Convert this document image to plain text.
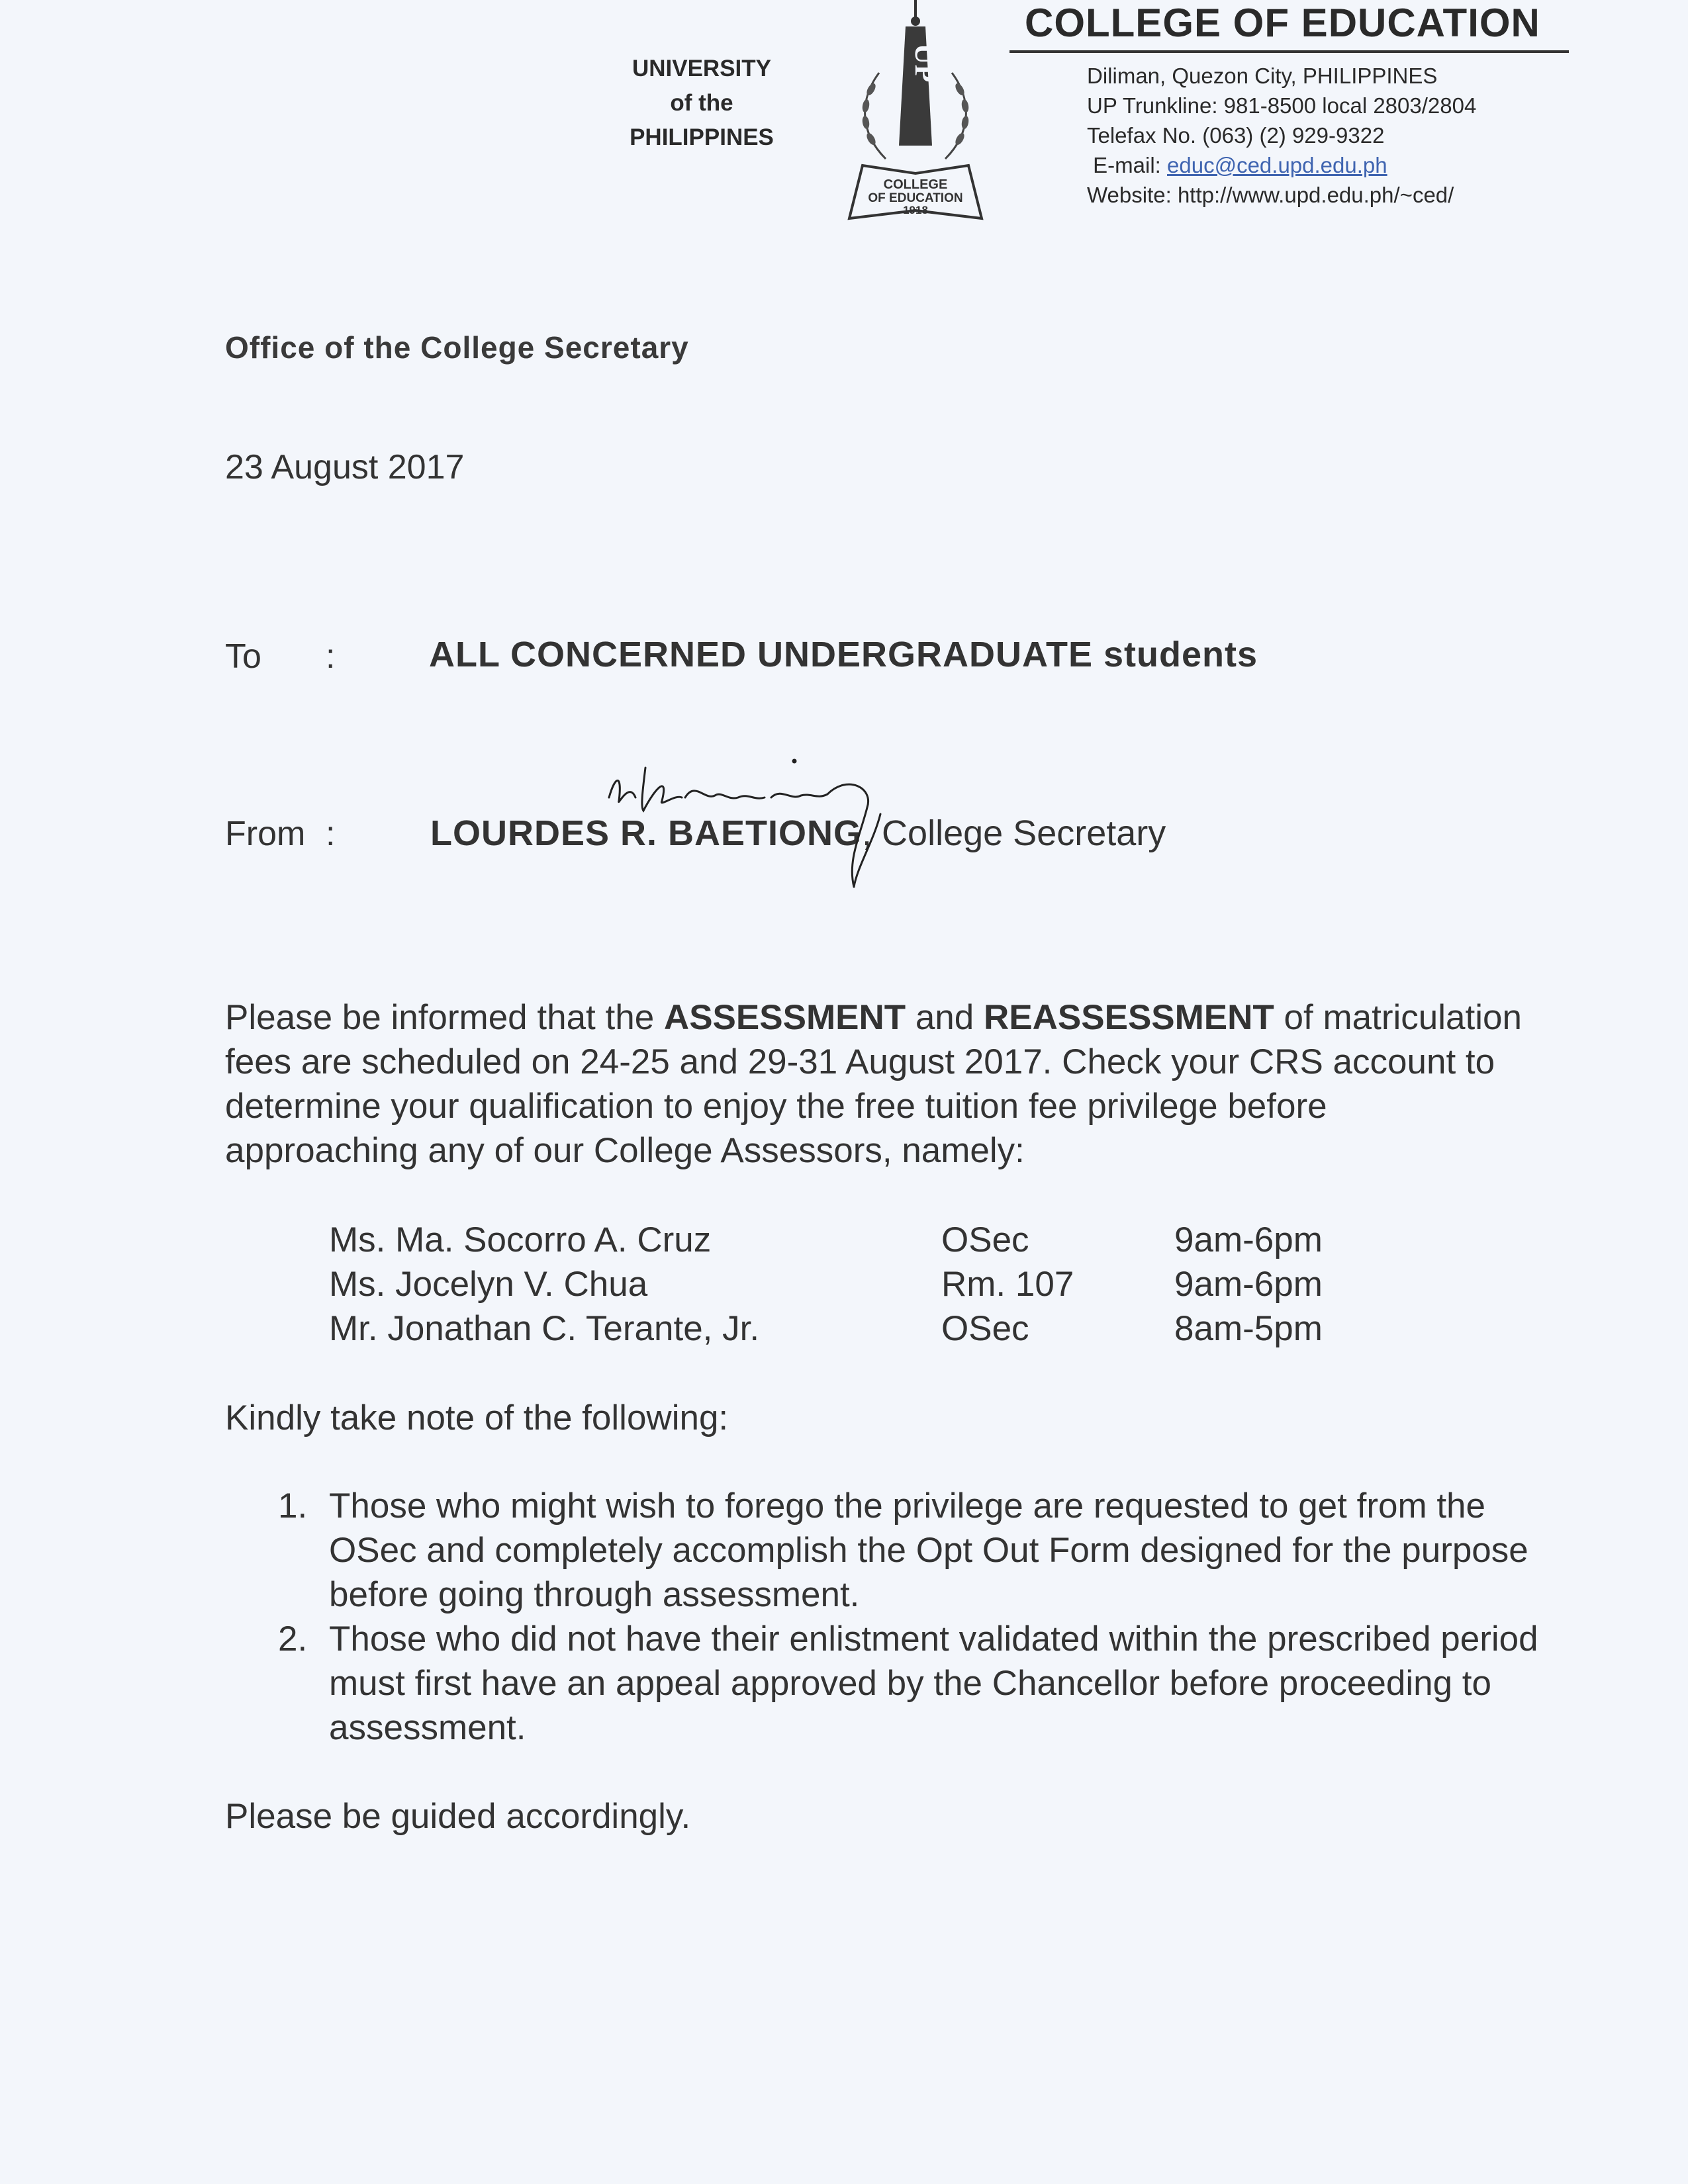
UNIVERSITY
of the
PHILIPPINES
UP
COLLEGE
OF EDUCATION
1918
COLLEGE OF EDUCATION
Diliman, Quezon City, PHILIPPINES
UP Trunkline: 981-8500 local 2803/2804
Telefax No. (063) (2) 929-9322
E-mail: educ@ced.upd.edu.ph
Website: http://www.upd.edu.ph/~ced/
Office of the College Secretary
23 August 2017
To :	ALL CONCERNED UNDERGRADUATE students
From :	LOURDES R. BAETIONG, College Secretary

Please be informed that the ASSESSMENT and REASSESSMENT of matriculation fees are scheduled on 24-25 and 29-31 August 2017. Check your CRS account to determine your qualification to enjoy the free tuition fee privilege before approaching any of our College Assessors, namely:

Ms. Ma. Socorro A. Cruz	OSec	9am-6pm
Ms. Jocelyn V. Chua	Rm. 107	9am-6pm
Mr. Jonathan C. Terante, Jr.	OSec	8am-5pm
Kindly take note of the following:
1. Those who might wish to forego the privilege are requested to get from the OSec and completely accomplish the Opt Out Form designed for the purpose before going through assessment.
2. Those who did not have their enlistment validated within the prescribed period must first have an appeal approved by the Chancellor before proceeding to assessment.
Please be guided accordingly.
